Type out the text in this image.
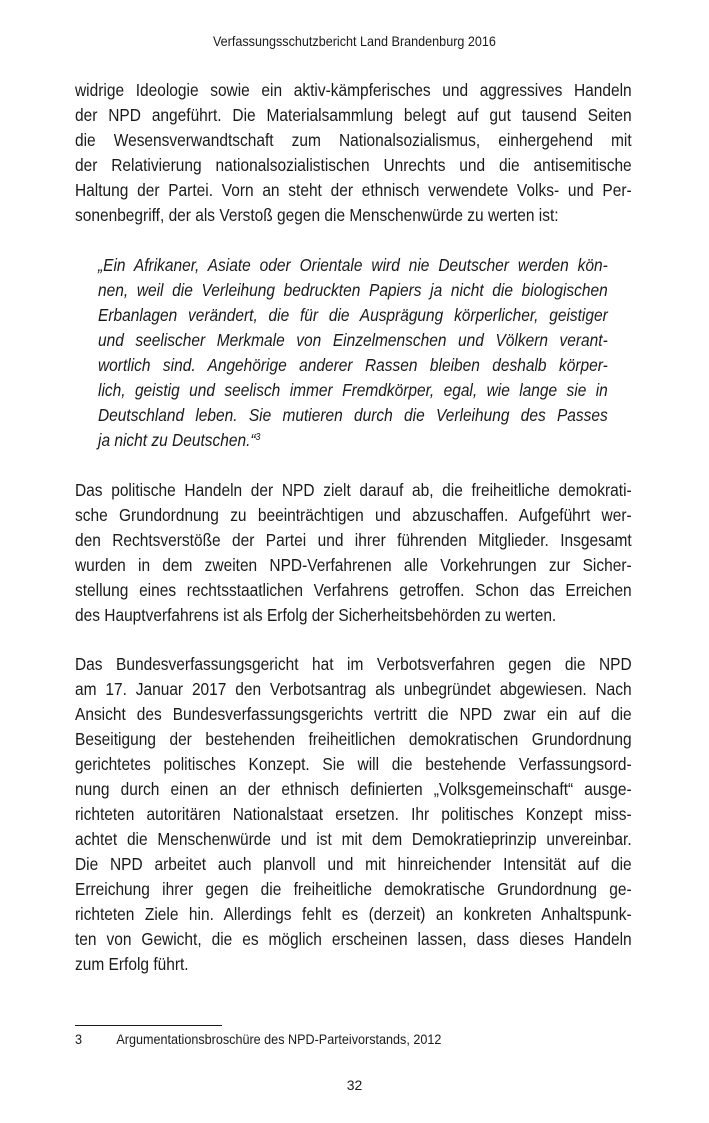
Verfassungsschutzbericht Land Brandenburg 2016

widrige Ideologie sowie ein aktiv-kämpferisches und aggressives Handeln
der NPD angeführt. Die Materialsammlung belegt auf gut tausend Seiten
die Wesensverwandtschaft zum Nationalsozialismus, einhergehend mit
der Relativierung nationalsozialistischen Unrechts und die antisemitische
Haltung der Partei. Vorn an steht der ethnisch verwendete Volks- und Per-
sonenbegriff, der als Verstoß gegen die Menschenwürde zu werten ist:

„Ein Afrikaner, Asiate oder Orientale wird nie Deutscher werden kön-
nen, weil die Verleihung bedruckten Papiers ja nicht die biologischen
Erbanlagen verändert, die für die Ausprägung körperlicher, geistiger
und seelischer Merkmale von Einzelmenschen und Völkern verant-
wortlich sind. Angehörige anderer Rassen bleiben deshalb körper-
lich, geistig und seelisch immer Fremdkörper, egal, wie lange sie in
Deutschland leben. Sie mutieren durch die Verleihung des Passes
ja nicht zu Deutschen.“$^3$

Das politische Handeln der NPD zielt darauf ab, die freiheitliche demokrati-
sche Grundordnung zu beeinträchtigen und abzuschaffen. Aufgeführt wer-
den Rechtsverstöße der Partei und ihrer führenden Mitglieder. Insgesamt
wurden in dem zweiten NPD-Verfahrenen alle Vorkehrungen zur Sicher-
stellung eines rechtsstaatlichen Verfahrens getroffen. Schon das Erreichen
des Hauptverfahrens ist als Erfolg der Sicherheitsbehörden zu werten.

Das Bundesverfassungsgericht hat im Verbotsverfahren gegen die NPD
am 17. Januar 2017 den Verbotsantrag als unbegründet abgewiesen. Nach
Ansicht des Bundesverfassungsgerichts vertritt die NPD zwar ein auf die
Beseitigung der bestehenden freiheitlichen demokratischen Grundordnung
gerichtetes politisches Konzept. Sie will die bestehende Verfassungsord-
nung durch einen an der ethnisch definierten „Volksgemeinschaft“ ausge-
richteten autoritären Nationalstaat ersetzen. Ihr politisches Konzept miss-
achtet die Menschenwürde und ist mit dem Demokratieprinzip unvereinbar.
Die NPD arbeitet auch planvoll und mit hinreichender Intensität auf die
Erreichung ihrer gegen die freiheitliche demokratische Grundordnung ge-
richteten Ziele hin. Allerdings fehlt es (derzeit) an konkreten Anhaltspunk-
ten von Gewicht, die es möglich erscheinen lassen, dass dieses Handeln
zum Erfolg führt.

3 Argumentationsbroschüre des NPD-Parteivorstands, 2012
32
